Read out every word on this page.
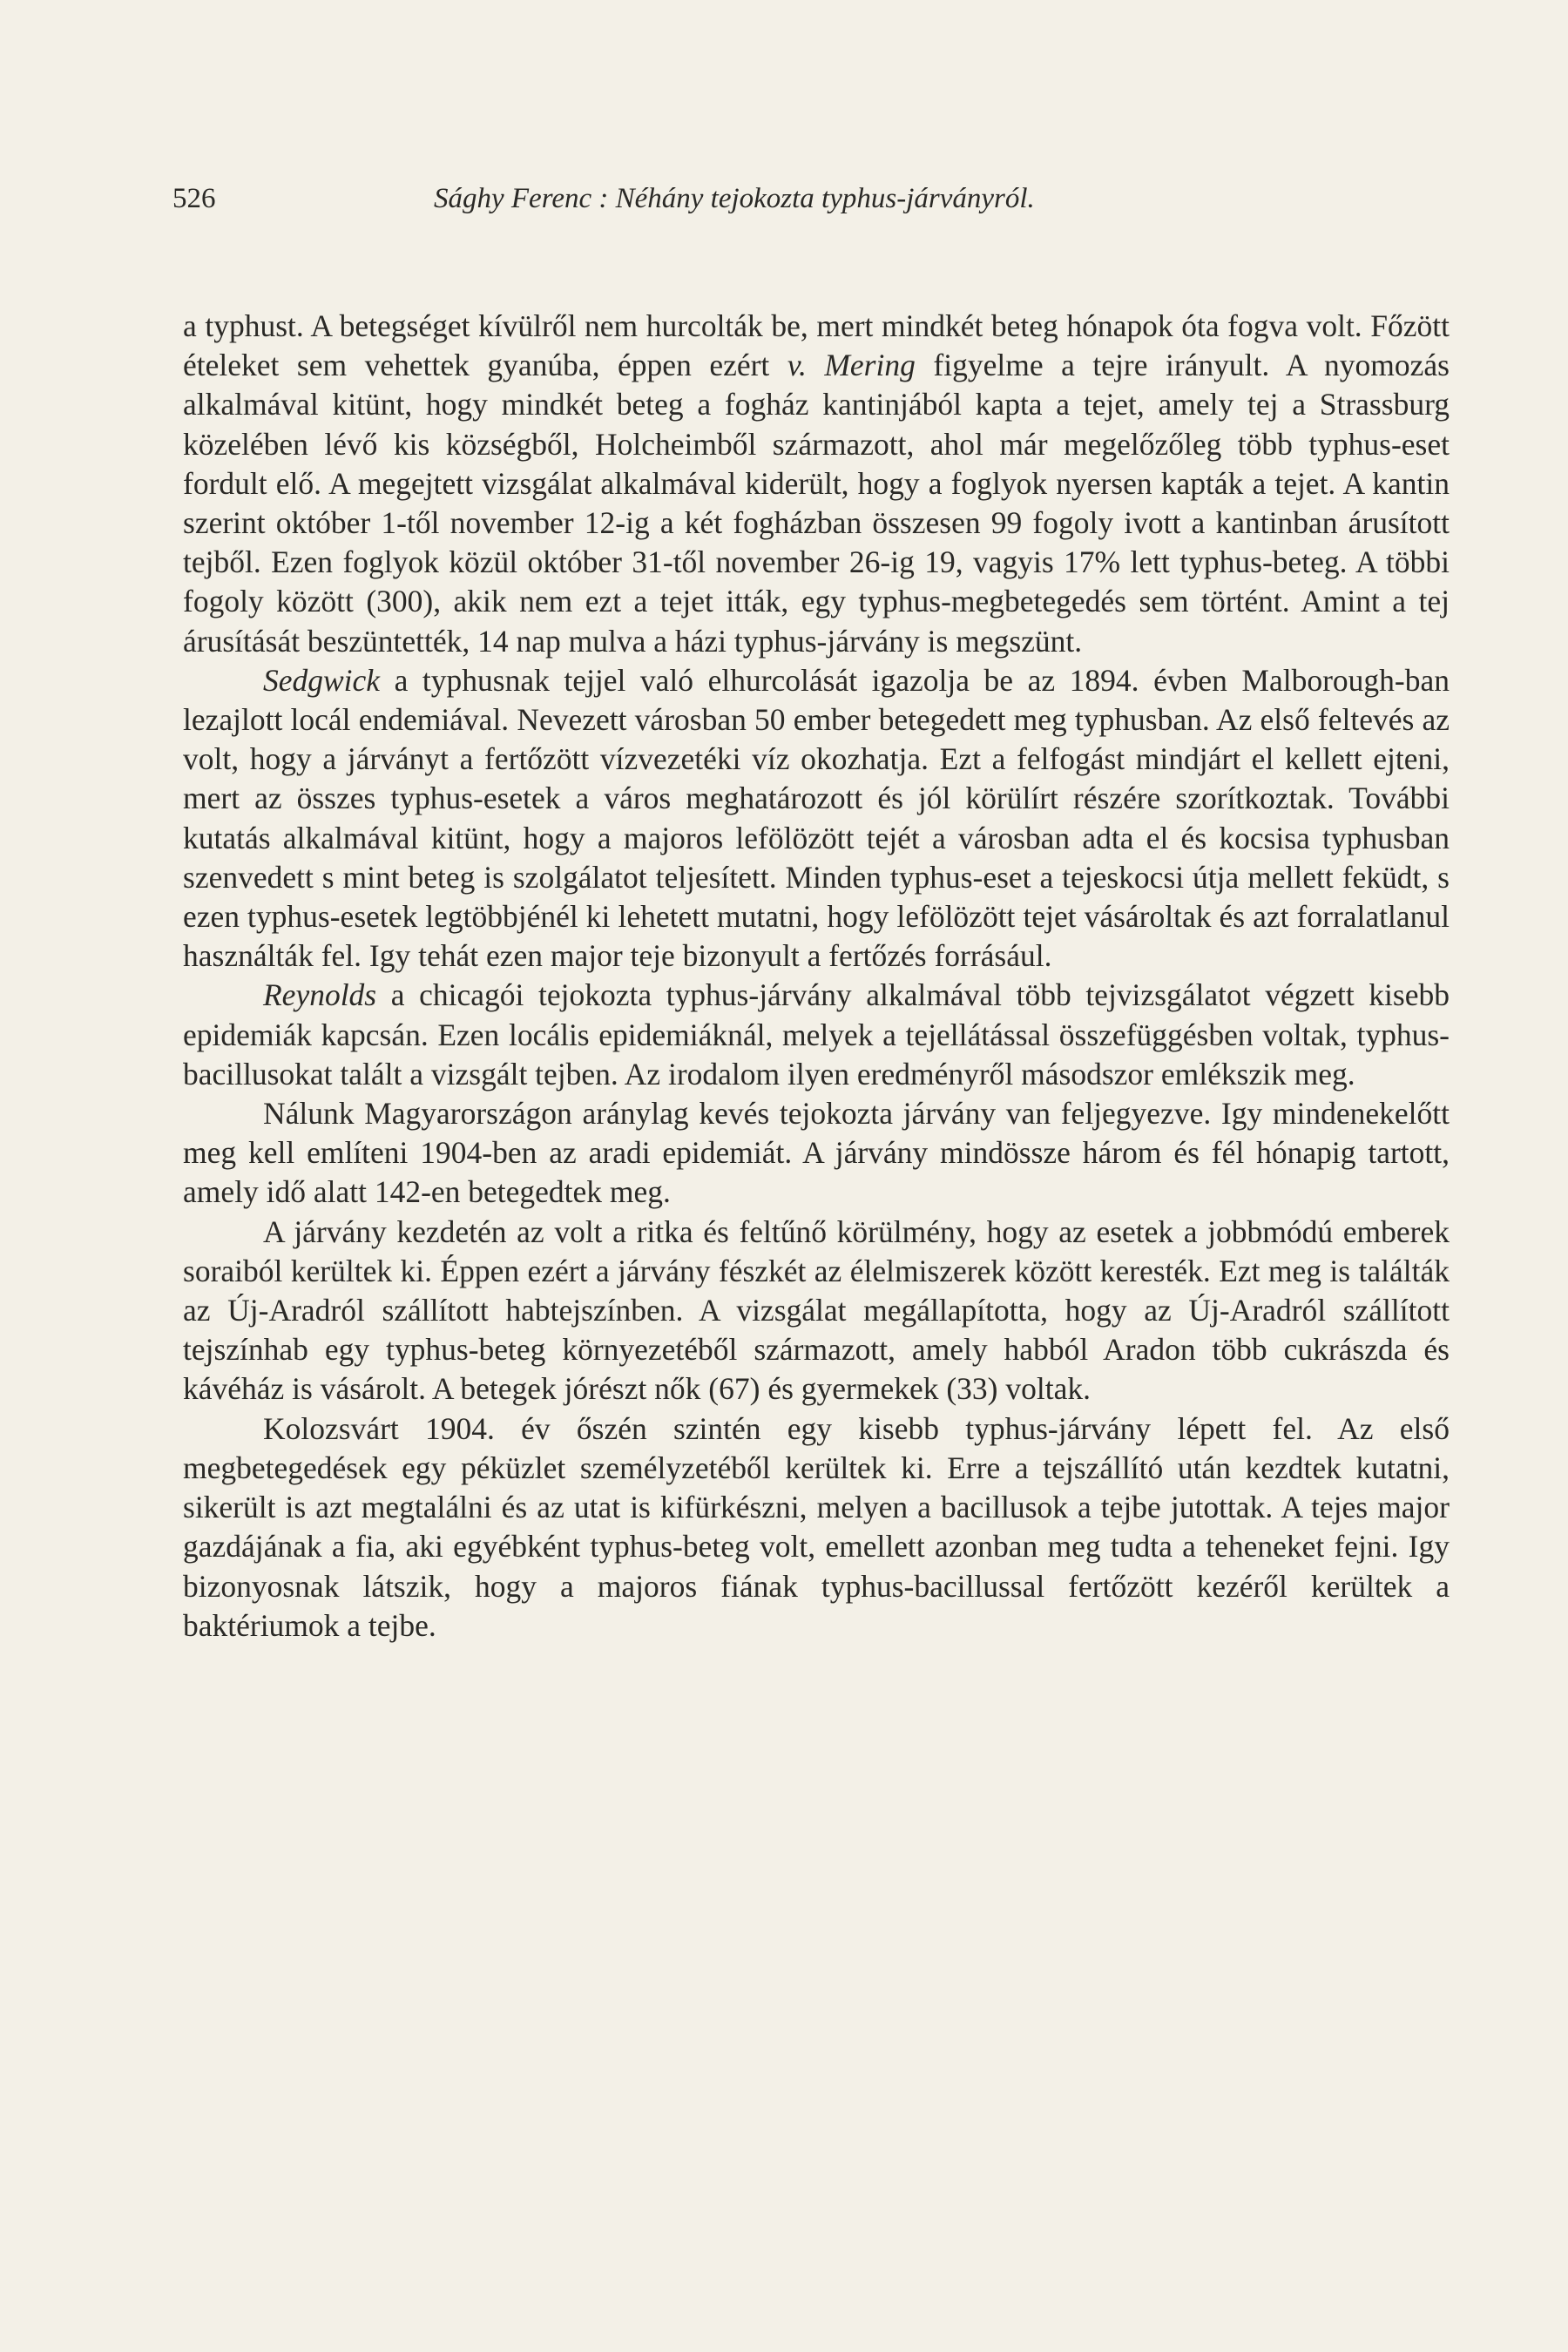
526	Sághy Ferenc : Néhány tejokozta typhus-járványról.

a typhust. A betegséget kívülről nem hurcolták be, mert mindkét beteg hónapok óta fogva volt. Főzött ételeket sem vehettek gyanúba, éppen ezért v. Mering figyelme a tejre irányult. A nyomozás alkalmával kitünt, hogy mindkét beteg a fogház kantinjából kapta a tejet, amely tej a Strassburg közelében lévő kis községből, Holcheimből származott, ahol már megelőzőleg több typhus-eset fordult elő. A megejtett vizsgálat alkalmával kiderült, hogy a foglyok nyersen kapták a tejet. A kantin szerint október 1-től november 12-ig a két fogházban összesen 99 fogoly ivott a kantinban árusított tejből. Ezen foglyok közül október 31-től november 26-ig 19, vagyis 17% lett typhus-beteg. A többi fogoly között (300), akik nem ezt a tejet itták, egy typhus-megbetegedés sem történt. Amint a tej árusítását beszüntették, 14 nap mulva a házi typhus-járvány is megszünt.

Sedgwick a typhusnak tejjel való elhurcolását igazolja be az 1894. évben Malborough-ban lezajlott locál endemiával. Nevezett városban 50 ember betegedett meg typhusban. Az első feltevés az volt, hogy a járványt a fertőzött vízvezetéki víz okozhatja. Ezt a felfogást mindjárt el kellett ejteni, mert az összes typhus-esetek a város meghatározott és jól körülírt részére szorítkoztak. További kutatás alkalmával kitünt, hogy a majoros lefölözött tejét a városban adta el és kocsisa typhusban szenvedett s mint beteg is szolgálatot teljesített. Minden typhus-eset a tejeskocsi útja mellett feküdt, s ezen typhus-esetek legtöbbjénél ki lehetett mutatni, hogy lefölözött tejet vásároltak és azt forralatlanul használták fel. Igy tehát ezen major teje bizonyult a fertőzés forrásául.

Reynolds a chicagói tejokozta typhus-járvány alkalmával több tejvizsgálatot végzett kisebb epidemiák kapcsán. Ezen locális epidemiáknál, melyek a tejellátással összefüggésben voltak, typhus-bacillusokat talált a vizsgált tejben. Az irodalom ilyen eredményről másodszor emlékszik meg.

Nálunk Magyarországon aránylag kevés tejokozta járvány van feljegyezve. Igy mindenekelőtt meg kell említeni 1904-ben az aradi epidemiát. A járvány mindössze három és fél hónapig tartott, amely idő alatt 142-en betegedtek meg.

A járvány kezdetén az volt a ritka és feltűnő körülmény, hogy az esetek a jobbmódú emberek soraiból kerültek ki. Éppen ezért a járvány fészkét az élelmiszerek között keresték. Ezt meg is találták az Új-Aradról szállított habtejszínben. A vizsgálat megállapította, hogy az Új-Aradról szállított tejszínhab egy typhus-beteg környezetéből származott, amely habból Aradon több cukrászda és kávéház is vásárolt. A betegek jórészt nők (67) és gyermekek (33) voltak.

Kolozsvárt 1904. év őszén szintén egy kisebb typhus-járvány lépett fel. Az első megbetegedések egy péküzlet személyzetéből kerültek ki. Erre a tejszállító után kezdtek kutatni, sikerült is azt megtalálni és az utat is kifürkészni, melyen a bacillusok a tejbe jutottak. A tejes major gazdájának a fia, aki egyébként typhus-beteg volt, emellett azonban meg tudta a teheneket fejni. Igy bizonyosnak látszik, hogy a majoros fiának typhus-bacillussal fertőzött kezéről kerültek a baktériumok a tejbe.
